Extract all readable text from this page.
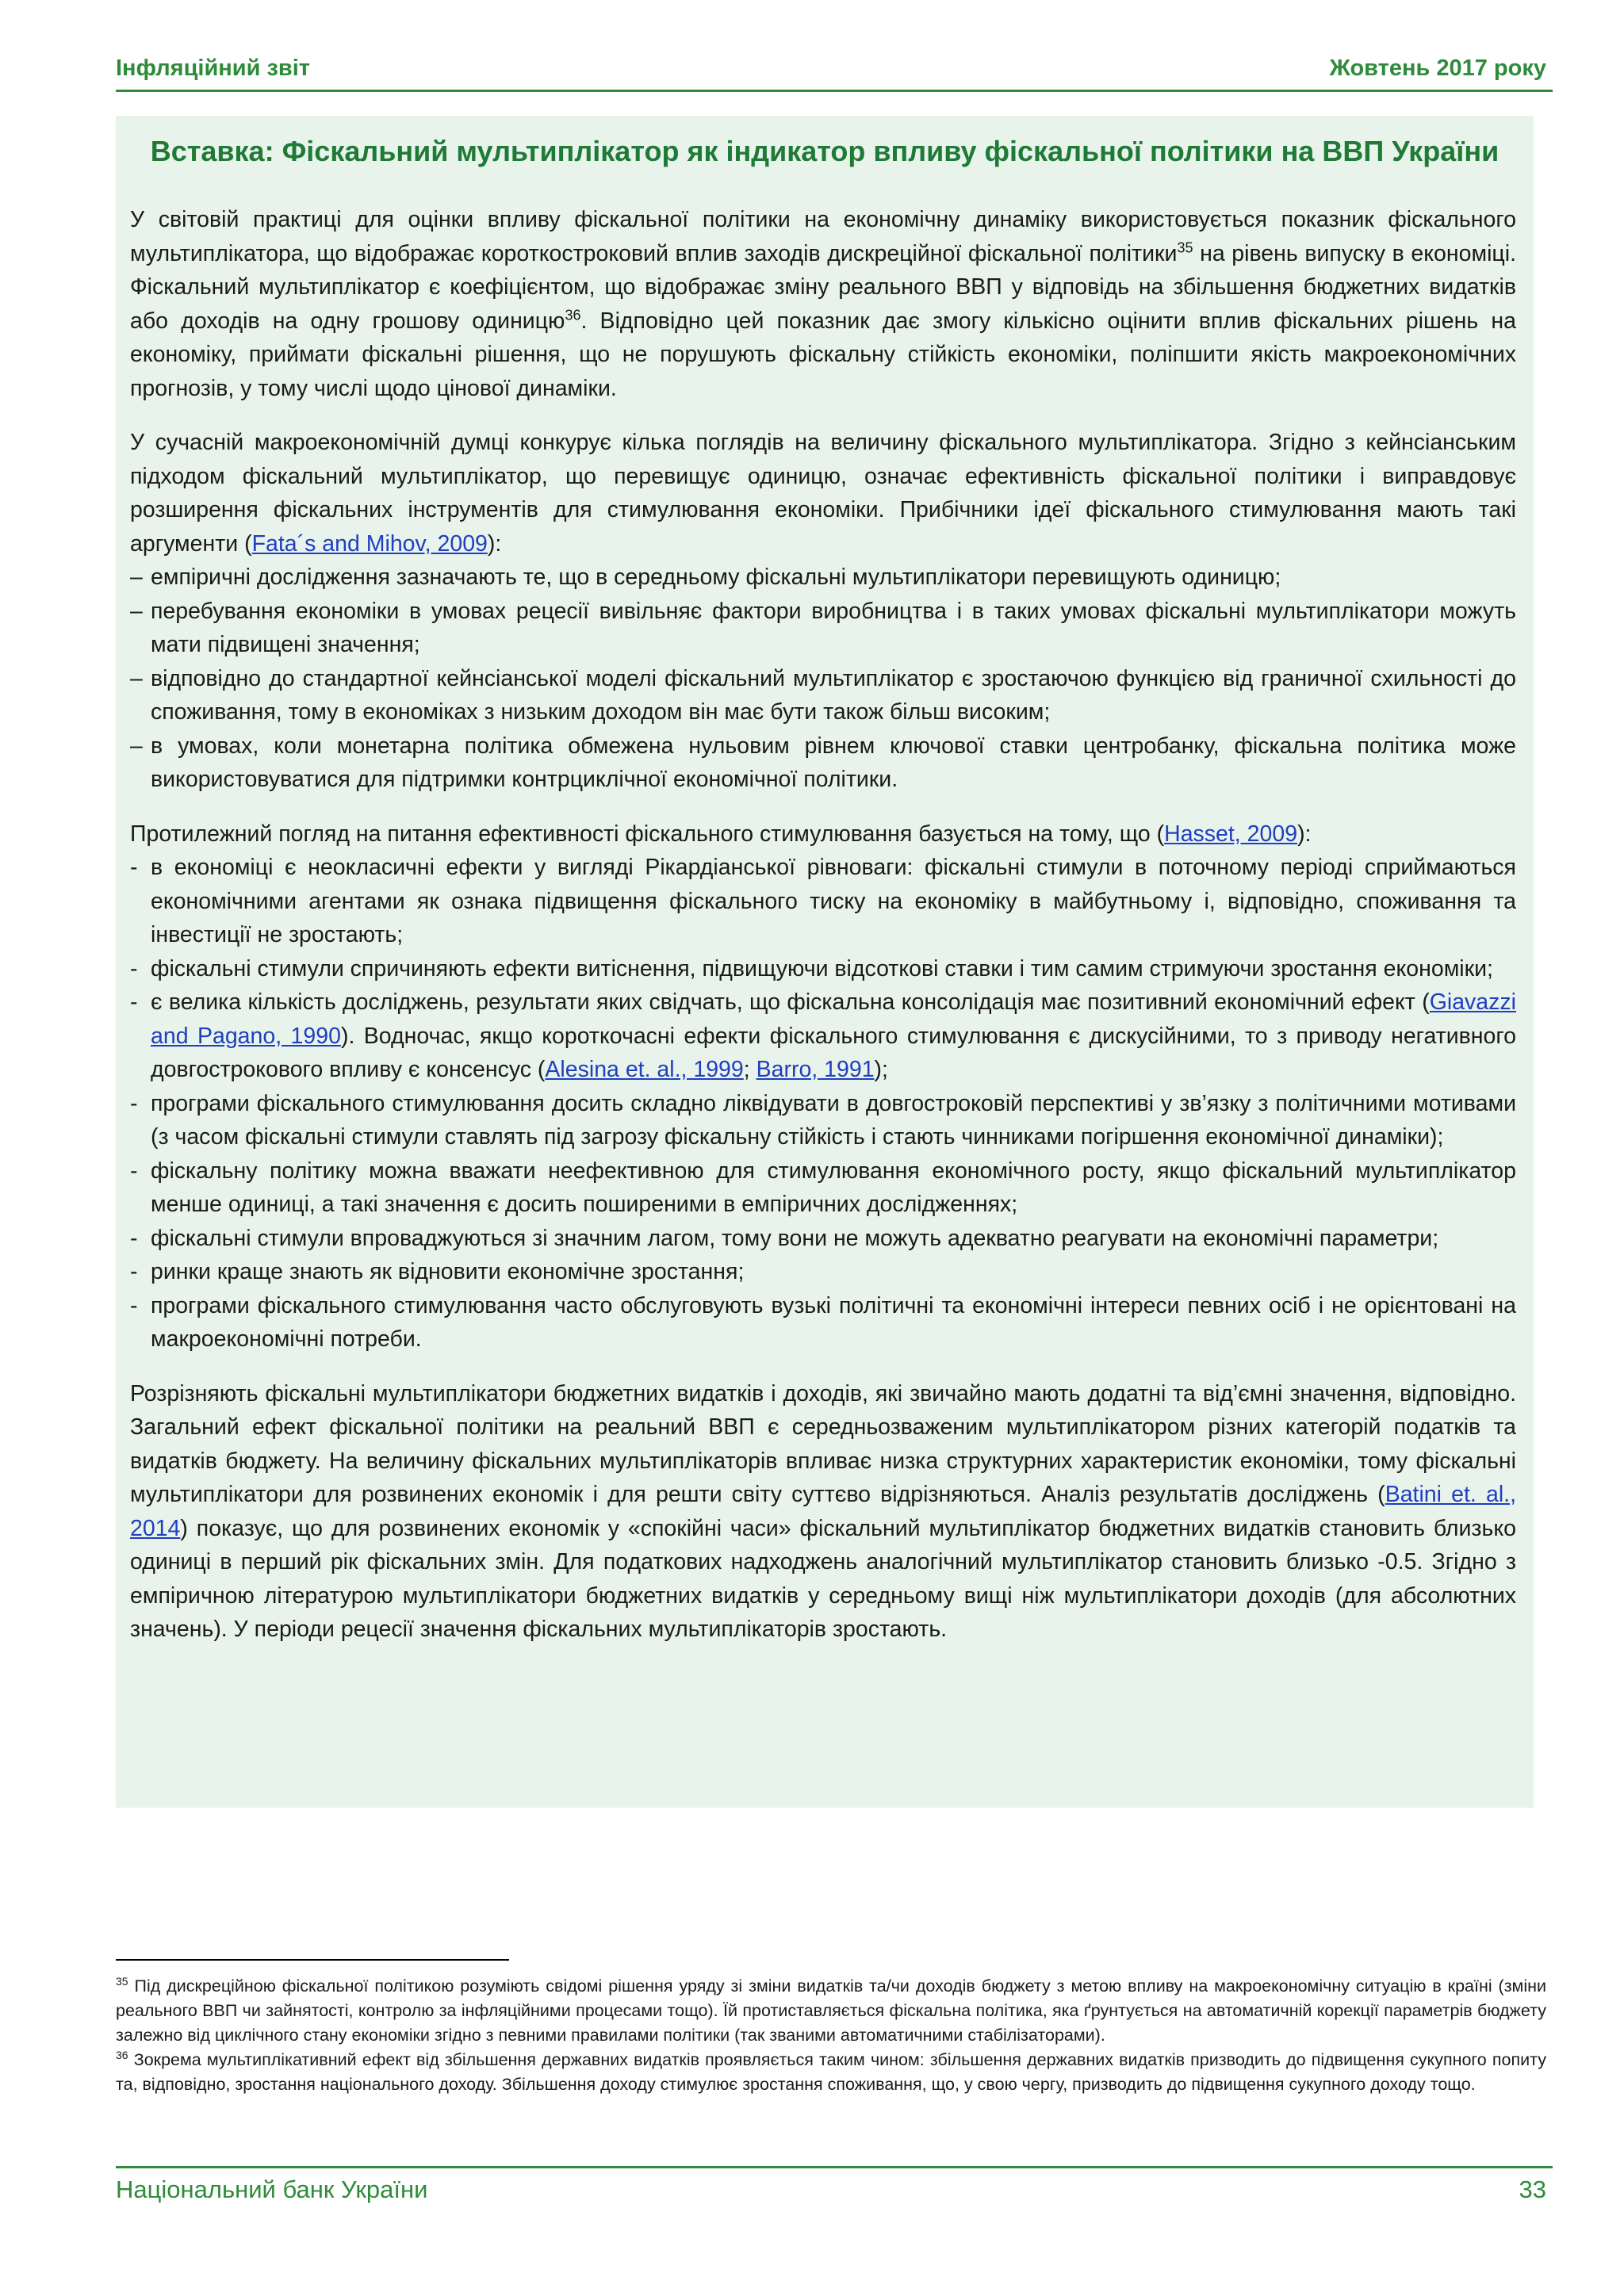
Інфляційний звіт	Жовтень 2017 року
Вставка: Фіскальний мультиплікатор як індикатор впливу фіскальної політики на ВВП України

У світовій практиці для оцінки впливу фіскальної політики на економічну динаміку використовується показник фіскального мультиплікатора, що відображає короткостроковий вплив заходів дискреційної фіскальної політики$^{35}$ на рівень випуску в економіці. Фіскальний мультиплікатор є коефіцієнтом, що відображає зміну реального ВВП у відповідь на збільшення бюджетних видатків або доходів на одну грошову одиницю$^{36}$. Відповідно цей показник дає змогу кількісно оцінити вплив фіскальних рішень на економіку, приймати фіскальні рішення, що не порушують фіскальну стійкість економіки, поліпшити якість макроекономічних прогнозів, у тому числі щодо цінової динаміки.

У сучасній макроекономічній думці конкурує кілька поглядів на величину фіскального мультиплікатора. Згідно з кейнсіанським підходом фіскальний мультиплікатор, що перевищує одиницю, означає ефективність фіскальної політики і виправдовує розширення фіскальних інструментів для стимулювання економіки. Прибічники ідеї фіскального стимулювання мають такі аргументи (Fata´s and Mihov, 2009):

– емпіричні дослідження зазначають те, що в середньому фіскальні мультиплікатори перевищують одиницю;
– перебування економіки в умовах рецесії вивільняє фактори виробництва і в таких умовах фіскальні мультиплікатори можуть мати підвищені значення;
– відповідно до стандартної кейнсіанської моделі фіскальний мультиплікатор є зростаючою функцією від граничної схильності до споживання, тому в економіках з низьким доходом він має бути також більш високим;
– в умовах, коли монетарна політика обмежена нульовим рівнем ключової ставки центробанку, фіскальна політика може використовуватися для підтримки контрциклічної економічної політики.

Протилежний погляд на питання ефективності фіскального стимулювання базується на тому, що (Hasset, 2009):

- в економіці є неокласичні ефекти у вигляді Рікардіанської рівноваги: фіскальні стимули в поточному періоді сприймаються економічними агентами як ознака підвищення фіскального тиску на економіку в майбутньому і, відповідно, споживання та інвестиції не зростають;
- фіскальні стимули спричиняють ефекти витіснення, підвищуючи відсоткові ставки і тим самим стримуючи зростання економіки;
- є велика кількість досліджень, результати яких свідчать, що фіскальна консолідація має позитивний економічний ефект (Giavazzi and Pagano, 1990). Водночас, якщо короткочасні ефекти фіскального стимулювання є дискусійними, то з приводу негативного довгострокового впливу є консенсус (Alesina et. al., 1999; Barro, 1991);
- програми фіскального стимулювання досить складно ліквідувати в довгостроковій перспективі у зв’язку з політичними мотивами (з часом фіскальні стимули ставлять під загрозу фіскальну стійкість і стають чинниками погіршення економічної динаміки);
- фіскальну політику можна вважати неефективною для стимулювання економічного росту, якщо фіскальний мультиплікатор менше одиниці, а такі значення є досить поширеними в емпіричних дослідженнях;
- фіскальні стимули впроваджуються зі значним лагом, тому вони не можуть адекватно реагувати на економічні параметри;
- ринки краще знають як відновити економічне зростання;
- програми фіскального стимулювання часто обслуговують вузькі політичні та економічні інтереси певних осіб і не орієнтовані на макроекономічні потреби.

Розрізняють фіскальні мультиплікатори бюджетних видатків і доходів, які звичайно мають додатні та від’ємні значення, відповідно. Загальний ефект фіскальної політики на реальний ВВП є середньозваженим мультиплікатором різних категорій податків та видатків бюджету. На величину фіскальних мультиплікаторів впливає низка структурних характеристик економіки, тому фіскальні мультиплікатори для розвинених економік і для решти світу суттєво відрізняються. Аналіз результатів досліджень (Batini et. al., 2014) показує, що для розвинених економік у «спокійні часи» фіскальний мультиплікатор бюджетних видатків становить близько одиниці в перший рік фіскальних змін. Для податкових надходжень аналогічний мультиплікатор становить близько -0.5. Згідно з емпіричною літературою мультиплікатори бюджетних видатків у середньому вищі ніж мультиплікатори доходів (для абсолютних значень). У періоди рецесії значення фіскальних мультиплікаторів зростають.

$^{35}$ Під дискреційною фіскальної політикою розуміють свідомі рішення уряду зі зміни видатків та/чи доходів бюджету з метою впливу на макроекономічну ситуацію в країні (зміни реального ВВП чи зайнятості, контролю за інфляційними процесами тощо). Їй протиставляється фіскальна політика, яка ґрунтується на автоматичній корекції параметрів бюджету залежно від циклічного стану економіки згідно з певними правилами політики (так званими автоматичними стабілізаторами).

$^{36}$ Зокрема мультиплікативний ефект від збільшення державних видатків проявляється таким чином: збільшення державних видатків призводить до підвищення сукупного попиту та, відповідно, зростання національного доходу. Збільшення доходу стимулює зростання споживання, що, у свою чергу, призводить до підвищення сукупного доходу тощо.

Національний банк України	33
